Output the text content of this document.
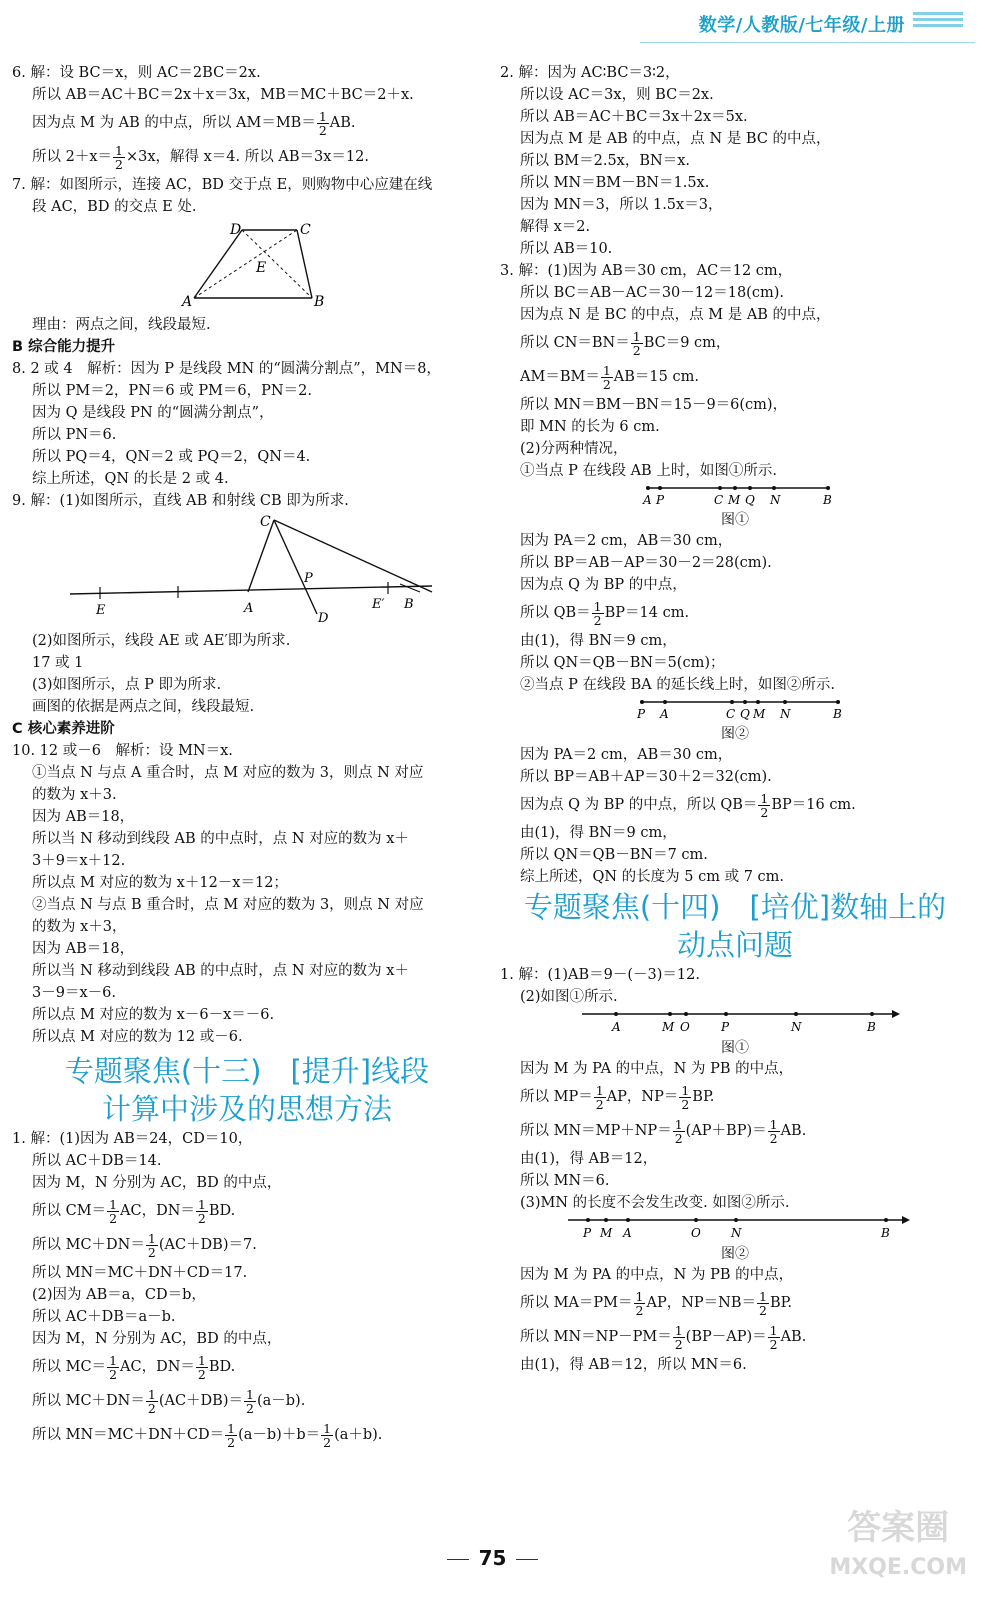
数学/人教版/七年级/上册
6. 解：设 BC＝x，则 AC＝2BC＝2x.
所以 AB＝AC＋BC＝2x＋x＝3x，MB＝MC＋BC＝2＋x.
因为点 M 为 AB 的中点，所以 $AM=MB= \frac{1}{2}$ AB.
所以 $2+x= \frac{1}{2} \times 3x$，解得 x＝4. 所以 AB＝3x＝12.
7. 解：如图所示，连接 AC，BD 交于点 E，则购物中心应建在线
段 AC，BD 的交点 E 处.
D	C
E
A	B
理由：两点之间，线段最短.
B 综合能力提升
8. 2 或 4　解析：因为 P 是线段 MN 的“圆满分割点”，MN＝8，
所以 PM＝2，PN＝6 或 PM＝6，PN＝2.
因为 Q 是线段 PN 的“圆满分割点”，
所以 PN＝6.
所以 PQ＝4，QN＝2 或 PQ＝2，QN＝4.
综上所述，QN 的长是 2 或 4.
9. 解：(1)如图所示，直线 AB 和射线 CB 即为所求.
C
P
E	A	E′ B
D
(2)如图所示，线段 AE 或 AE′即为所求.
17 或 1
(3)如图所示，点 P 即为所求.
画图的依据是两点之间，线段最短.
C 核心素养进阶
10. 12 或－6　解析：设 MN＝x.
①当点 N 与点 A 重合时，点 M 对应的数为 3，则点 N 对应
的数为 x＋3.
因为 AB＝18，
所以当 N 移动到线段 AB 的中点时，点 N 对应的数为 x＋
3＋9＝x＋12.
所以点 M 对应的数为 x＋12－x＝12；
②当点 N 与点 B 重合时，点 M 对应的数为 3，则点 N 对应
的数为 x＋3，
因为 AB＝18，
所以当 N 移动到线段 AB 的中点时，点 N 对应的数为 x＋
3－9＝x－6.
所以点 M 对应的数为 x－6－x＝－6.
所以点 M 对应的数为 12 或－6.
专题聚焦(十三)　[提升]线段
计算中涉及的思想方法
1. 解：(1)因为 AB＝24，CD＝10，
所以 AC＋DB＝14.
因为 M，N 分别为 AC，BD 的中点，
所以 $CM= \frac{1}{2}$ AC，$DN= \frac{1}{2}$ BD.
所以 $MC+DN= \frac{1}{2} (AC+DB)=7$.
所以 MN＝MC＋DN＋CD＝17.
(2)因为 AB＝a，CD＝b，
所以 AC＋DB＝a－b.
因为 M，N 分别为 AC，BD 的中点，
所以 $MC= \frac{1}{2}$ AC，$DN= \frac{1}{2}$ BD.
所以 $MC+DN= \frac{1}{2} (AC+DB)= \frac{1}{2} (a-b)$.
所以 $MN=MC+DN+CD= \frac{1}{2} (a-b)+b= \frac{1}{2} (a+b)$.
2. 解：因为 AC∶BC＝3∶2，
所以设 AC＝3x，则 BC＝2x.
所以 AB＝AC＋BC＝3x＋2x＝5x.
因为点 M 是 AB 的中点，点 N 是 BC 的中点，
所以 BM＝2.5x，BN＝x.
所以 MN＝BM－BN＝1.5x.
因为 MN＝3，所以 1.5x＝3，
解得 x＝2.
所以 AB＝10.
3. 解：(1)因为 AB＝30 cm，AC＝12 cm，
所以 BC＝AB－AC＝30－12＝18(cm).
因为点 N 是 BC 的中点，点 M 是 AB 的中点，
所以 $CN=BN= \frac{1}{2} BC=9$ cm，
$AM=BM= \frac{1}{2} AB=15$ cm.
所以 MN＝BM－BN＝15－9＝6(cm)，
即 MN 的长为 6 cm.
(2)分两种情况，
①当点 P 在线段 AB 上时，如图①所示.
A P	C M Q N	B
图①
因为 PA＝2 cm，AB＝30 cm，
所以 BP＝AB－AP＝30－2＝28(cm).
因为点 Q 为 BP 的中点，
所以 $QB= \frac{1}{2} BP=14$ cm.
由(1)，得 BN＝9 cm，
所以 QN＝QB－BN＝5(cm)；
②当点 P 在线段 BA 的延长线上时，如图②所示.
P A	C Q M N	B
图②
因为 PA＝2 cm，AB＝30 cm，
所以 BP＝AB＋AP＝30＋2＝32(cm).
因为点 Q 为 BP 的中点，所以 $QB= \frac{1}{2} BP=16$ cm.
由(1)，得 BN＝9 cm，
所以 QN＝QB－BN＝7 cm.
综上所述，QN 的长度为 5 cm 或 7 cm.
专题聚焦(十四)　[培优]数轴上的
动点问题
1. 解：(1)AB＝9－(－3)＝12.
(2)如图①所示.
A	M O	P	N	B
图①
因为 M 为 PA 的中点，N 为 PB 的中点，
所以 $MP= \frac{1}{2}$ AP，$NP= \frac{1}{2}$ BP.
所以 $MN=MP+NP= \frac{1}{2} (AP+BP)= \frac{1}{2}$ AB.
由(1)，得 AB＝12，
所以 MN＝6.
(3)MN 的长度不会发生改变. 如图②所示.
P M A	O	N	B
图②
因为 M 为 PA 的中点，N 为 PB 的中点，
所以 $MA=PM= \frac{1}{2}$ AP，$NP=NB= \frac{1}{2}$ BP.
所以 $MN=NP-PM= \frac{1}{2} (BP-AP)= \frac{1}{2}$ AB.
由(1)，得 AB＝12，所以 MN＝6.
75
答案圈
MXQE.COM
